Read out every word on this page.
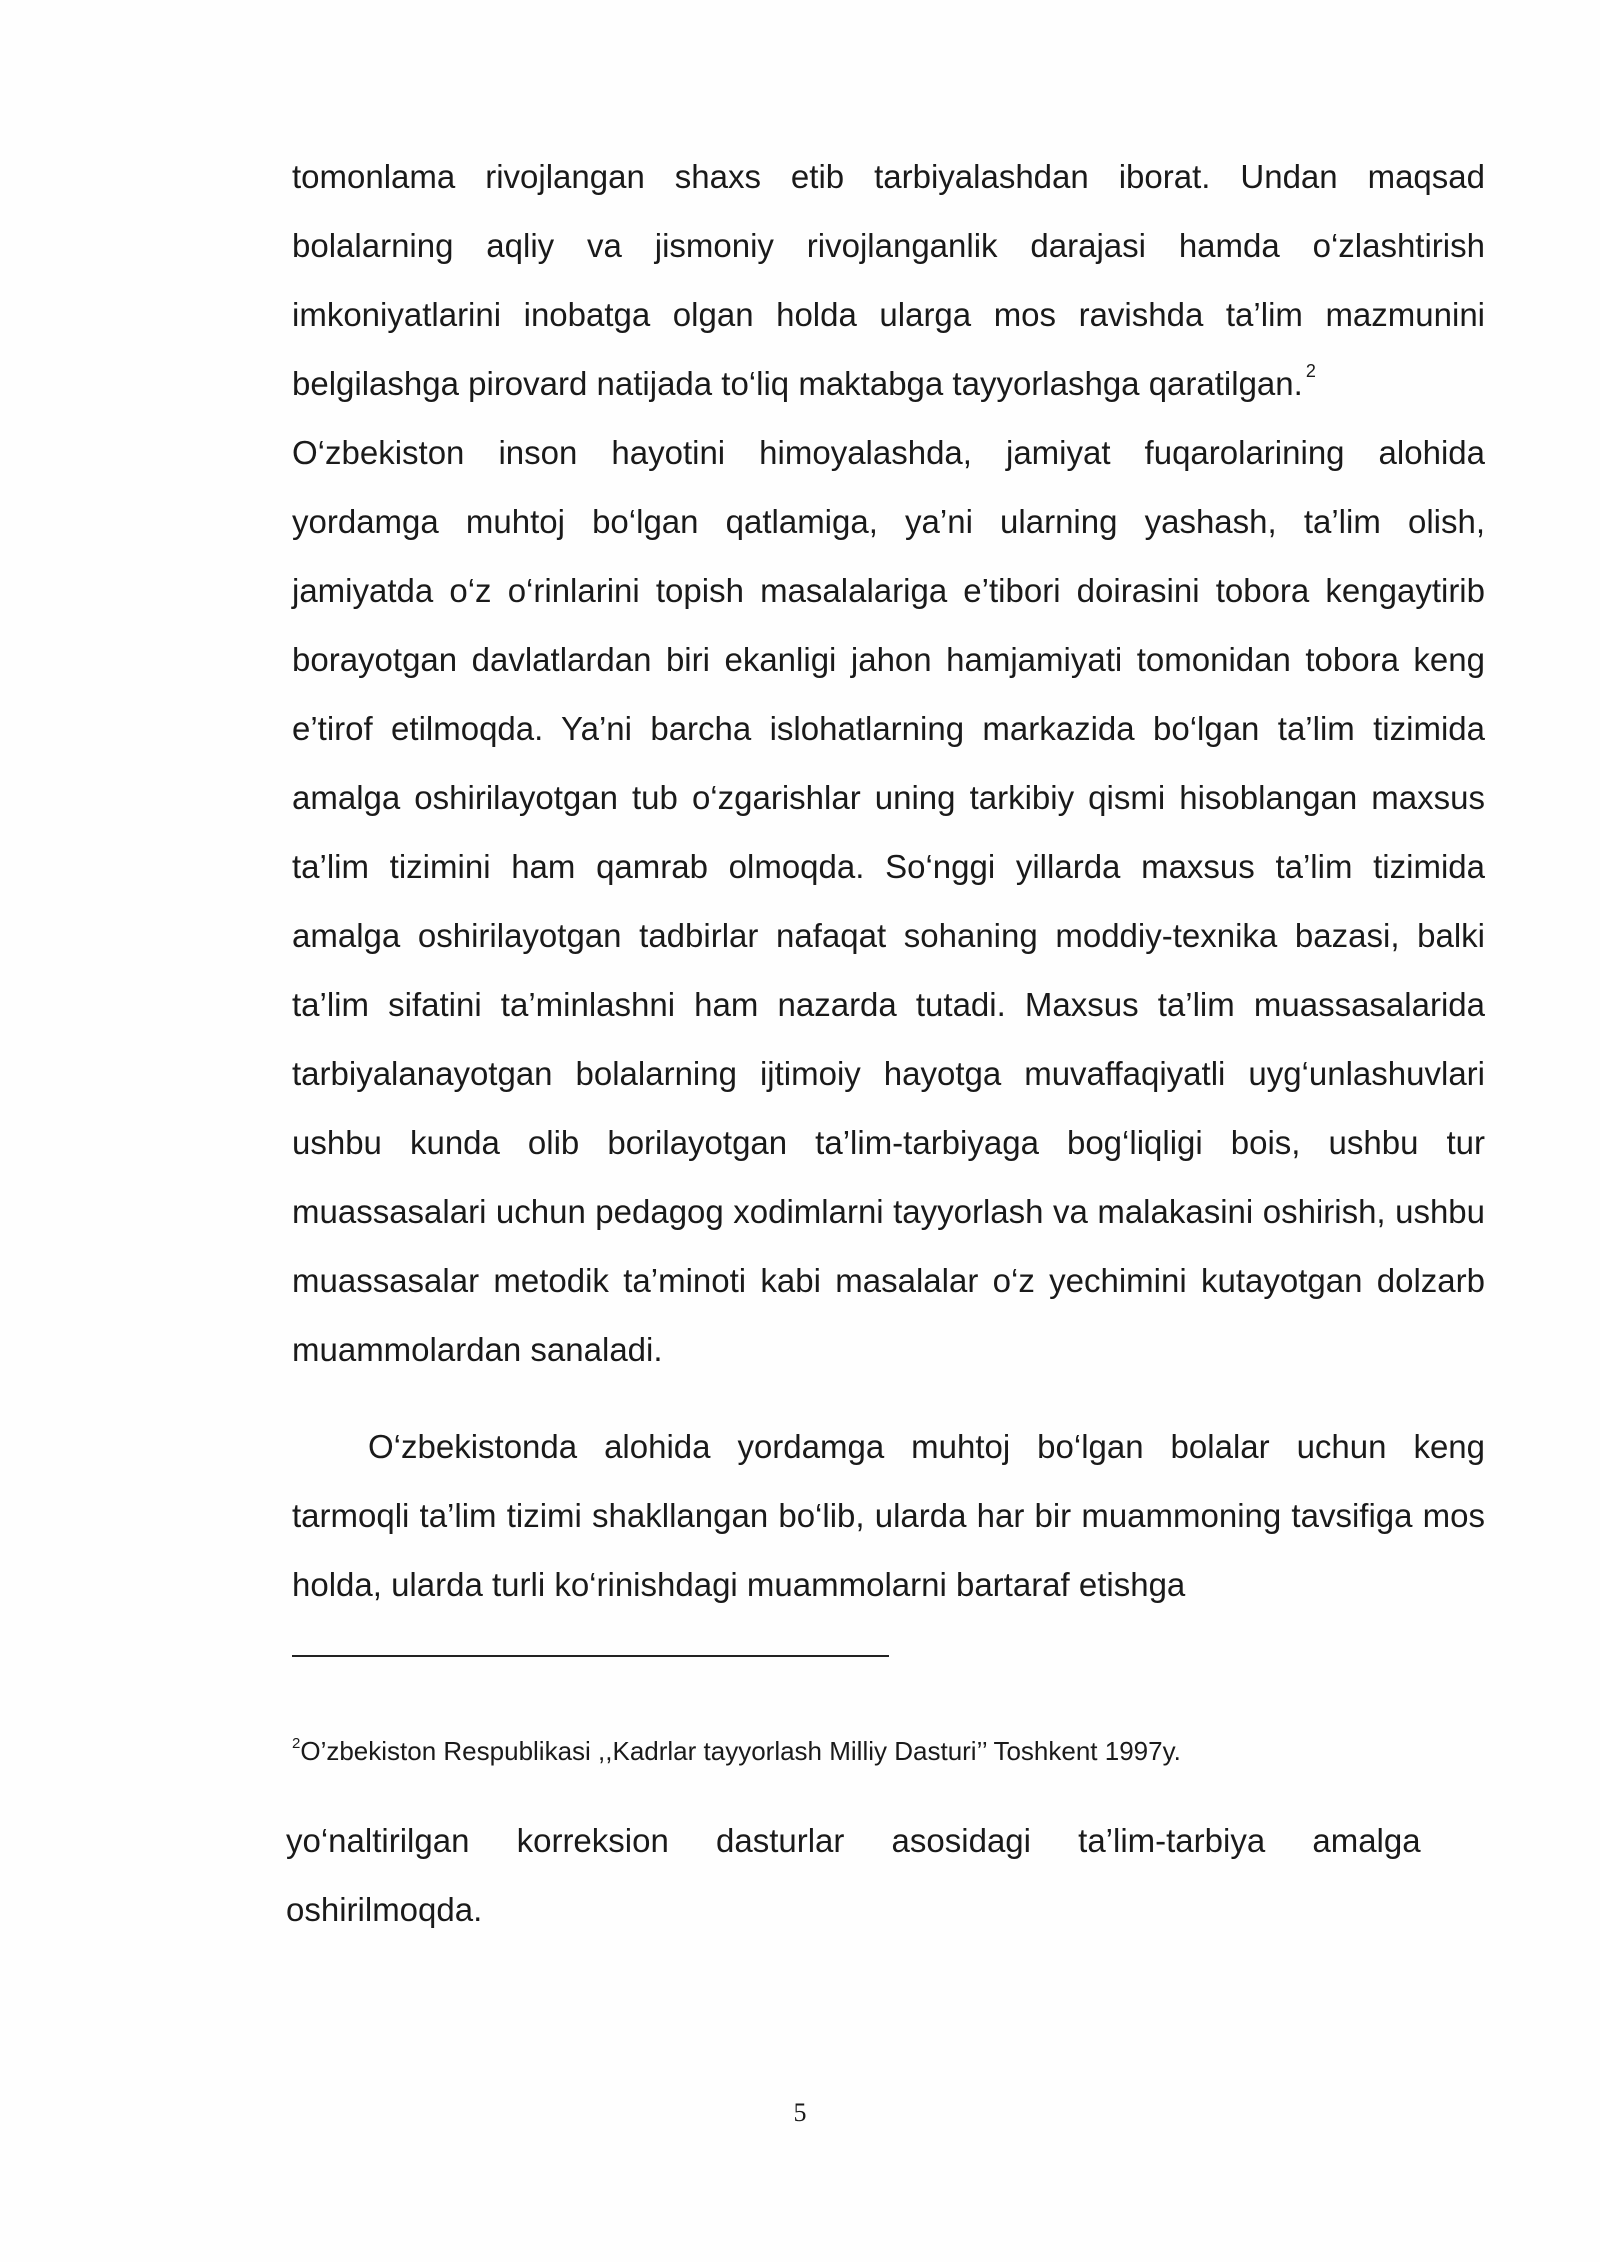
tomonlama rivojlangan shaxs etib tarbiyalashdan iborat. Undan maqsad bolalarning aqliy va jismoniy rivojlanganlik darajasi hamda o‘zlashtirish imkoniyatlarini inobatga olgan holda ularga mos ravishda ta’lim mazmunini belgilashga pirovard natijada to‘liq maktabga tayyorlashga qaratilgan. $^2$
O‘zbekiston inson hayotini himoyalashda, jamiyat fuqarolarining alohida yordamga muhtoj bo‘lgan qatlamiga, ya’ni ularning yashash, ta’lim olish, jamiyatda o‘z o‘rinlarini topish masalalariga e’tibori doirasini tobora kengaytirib borayotgan davlatlardan biri ekanligi jahon hamjamiyati tomonidan tobora keng e’tirof etilmoqda. Ya’ni barcha islohatlarning markazida bo‘lgan ta’lim tizimida amalga oshirilayotgan tub o‘zgarishlar uning tarkibiy qismi hisoblangan maxsus ta’lim tizimini ham qamrab olmoqda. So‘nggi yillarda maxsus ta’lim tizimida amalga oshirilayotgan tadbirlar nafaqat sohaning moddiy-texnika bazasi, balki ta’lim sifatini ta’minlashni ham nazarda tutadi. Maxsus ta’lim muassasalarida tarbiyalanayotgan bolalarning ijtimoiy hayotga muvaffaqiyatli uyg‘unlashuvlari ushbu kunda olib borilayotgan ta’lim-tarbiyaga bog‘liqligi bois, ushbu tur muassasalari uchun pedagog xodimlarni tayyorlash va malakasini oshirish, ushbu muassasalar metodik ta’minoti kabi masalalar o‘z yechimini kutayotgan dolzarb muammolardan sanaladi.
O‘zbekistonda alohida yordamga muhtoj bo‘lgan bolalar uchun keng tarmoqli ta’lim tizimi shakllangan bo‘lib, ularda har bir muammoning tavsifiga mos holda, ularda turli ko‘rinishdagi muammolarni bartaraf etishga
$^2$O’zbekiston Respublikasi ,,Kadrlar tayyorlash Milliy Dasturi’’ Toshkent 1997y.
yo‘naltirilgan korreksion dasturlar asosidagi ta’lim-tarbiya amalga
oshirilmoqda.
5
